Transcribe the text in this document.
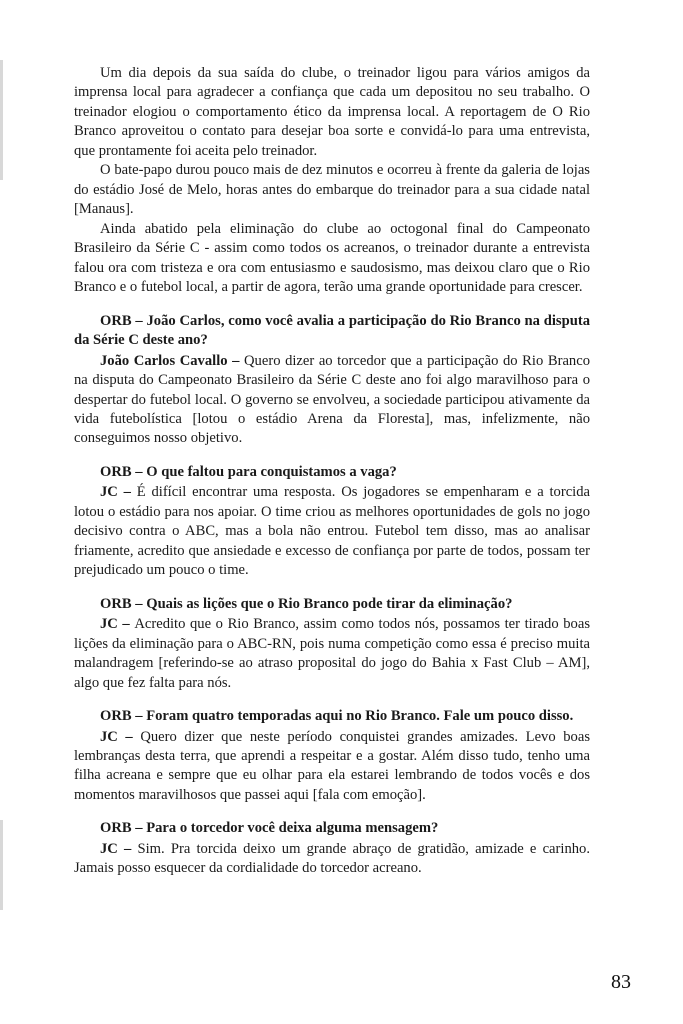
Um dia depois da sua saída do clube, o treinador ligou para vários amigos da imprensa local para agradecer a confiança que cada um depositou no seu trabalho. O treinador elogiou o comportamento ético da imprensa local. A reportagem de O Rio Branco aproveitou o contato para desejar boa sorte e convidá-lo para uma entrevista, que prontamente foi aceita pelo treinador.

O bate-papo durou pouco mais de dez minutos e ocorreu à frente da galeria de lojas do estádio José de Melo, horas antes do embarque do treinador para a sua cidade natal [Manaus].

Ainda abatido pela eliminação do clube ao octogonal final do Campeonato Brasileiro da Série C - assim como todos os acreanos, o treinador durante a entrevista falou ora com tristeza e ora com entusiasmo e saudosismo, mas deixou claro que o Rio Branco e o futebol local, a partir de agora, terão uma grande oportunidade para crescer.

ORB – João Carlos, como você avalia a participação do Rio Branco na disputa da Série C deste ano?

João Carlos Cavallo – Quero dizer ao torcedor que a participação do Rio Branco na disputa do Campeonato Brasileiro da Série C deste ano foi algo maravilhoso para o despertar do futebol local. O governo se envolveu, a sociedade participou ativamente da vida futebolística [lotou o estádio Arena da Floresta], mas, infelizmente, não conseguimos nosso objetivo.

ORB – O que faltou para conquistamos a vaga?

JC – É difícil encontrar uma resposta. Os jogadores se empenharam e a torcida lotou o estádio para nos apoiar. O time criou as melhores oportunidades de gols no jogo decisivo contra o ABC, mas a bola não entrou. Futebol tem disso, mas ao analisar friamente, acredito que ansiedade e excesso de confiança por parte de todos, possam ter prejudicado um pouco o time.

ORB – Quais as lições que o Rio Branco pode tirar da eliminação?

JC – Acredito que o Rio Branco, assim como todos nós, possamos ter tirado boas lições da eliminação para o ABC-RN, pois numa competição como essa é preciso muita malandragem [referindo-se ao atraso proposital do jogo do Bahia x Fast Club – AM], algo que fez falta para nós.

ORB – Foram quatro temporadas aqui no Rio Branco. Fale um pouco disso.

JC – Quero dizer que neste período conquistei grandes amizades. Levo boas lembranças desta terra, que aprendi a respeitar e a gostar. Além disso tudo, tenho uma filha acreana e sempre que eu olhar para ela estarei lembrando de todos vocês e dos momentos maravilhosos que passei aqui [fala com emoção].

ORB – Para o torcedor você deixa alguma mensagem?

JC – Sim. Pra torcida deixo um grande abraço de gratidão, amizade e carinho. Jamais posso esquecer da cordialidade do torcedor acreano.

83
